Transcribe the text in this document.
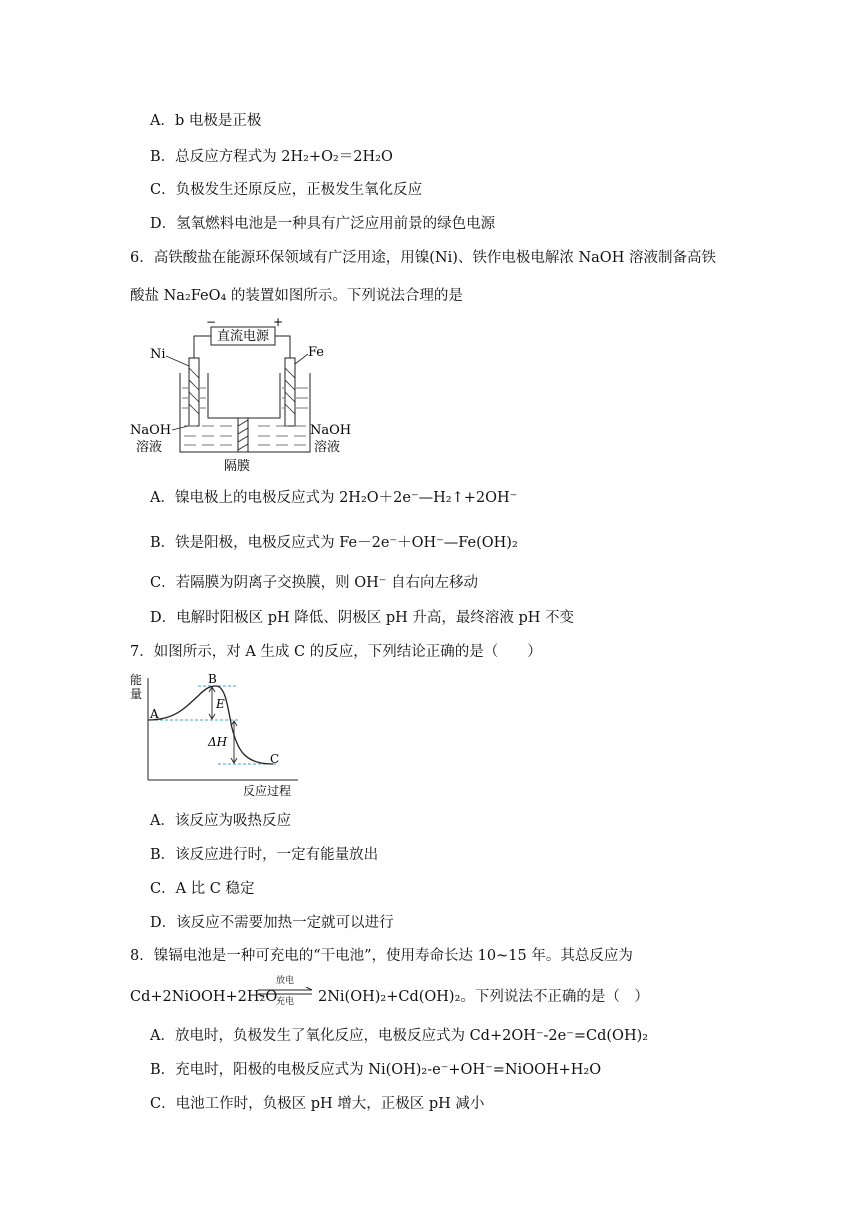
A．b 电极是正极
B．总反应方程式为 2H₂+O₂＝2H₂O
C．负极发生还原反应，正极发生氧化反应
D．氢氧燃料电池是一种具有广泛应用前景的绿色电源
6．高铁酸盐在能源环保领域有广泛用途，用镍(Ni)、铁作电极电解浓 NaOH 溶液制备高铁
酸盐 Na₂FeO₄ 的装置如图所示。下列说法合理的是
直流电源
−	+
Ni	Fe
NaOH
溶液
NaOH
溶液
隔膜
A．镍电极上的电极反应式为 2H₂O＋2e⁻—H₂↑+2OH⁻
B．铁是阳极，电极反应式为 Fe－2e⁻＋OH⁻—Fe(OH)₂
C．若隔膜为阴离子交换膜，则 OH⁻ 自右向左移动
D．电解时阳极区 pH 降低、阴极区 pH 升高，最终溶液 pH 不变
7．如图所示，对 A 生成 C 的反应，下列结论正确的是（　　）
能
量
反应过程
A
B
C
E
ΔH
A．该反应为吸热反应
B．该反应进行时，一定有能量放出
C．A 比 C 稳定
D．该反应不需要加热一定就可以进行
8．镍镉电池是一种可充电的“干电池”，使用寿命长达 10~15 年。其总反应为
Cd+2NiOOH+2H₂O
放电
充电	2Ni(OH)₂+Cd(OH)₂。下列说法不正确的是（　）
A．放电时，负极发生了氧化反应，电极反应式为 Cd+2OH⁻-2e⁻=Cd(OH)₂
B．充电时，阳极的电极反应式为 Ni(OH)₂-e⁻+OH⁻=NiOOH+H₂O
C．电池工作时，负极区 pH 增大，正极区 pH 减小
